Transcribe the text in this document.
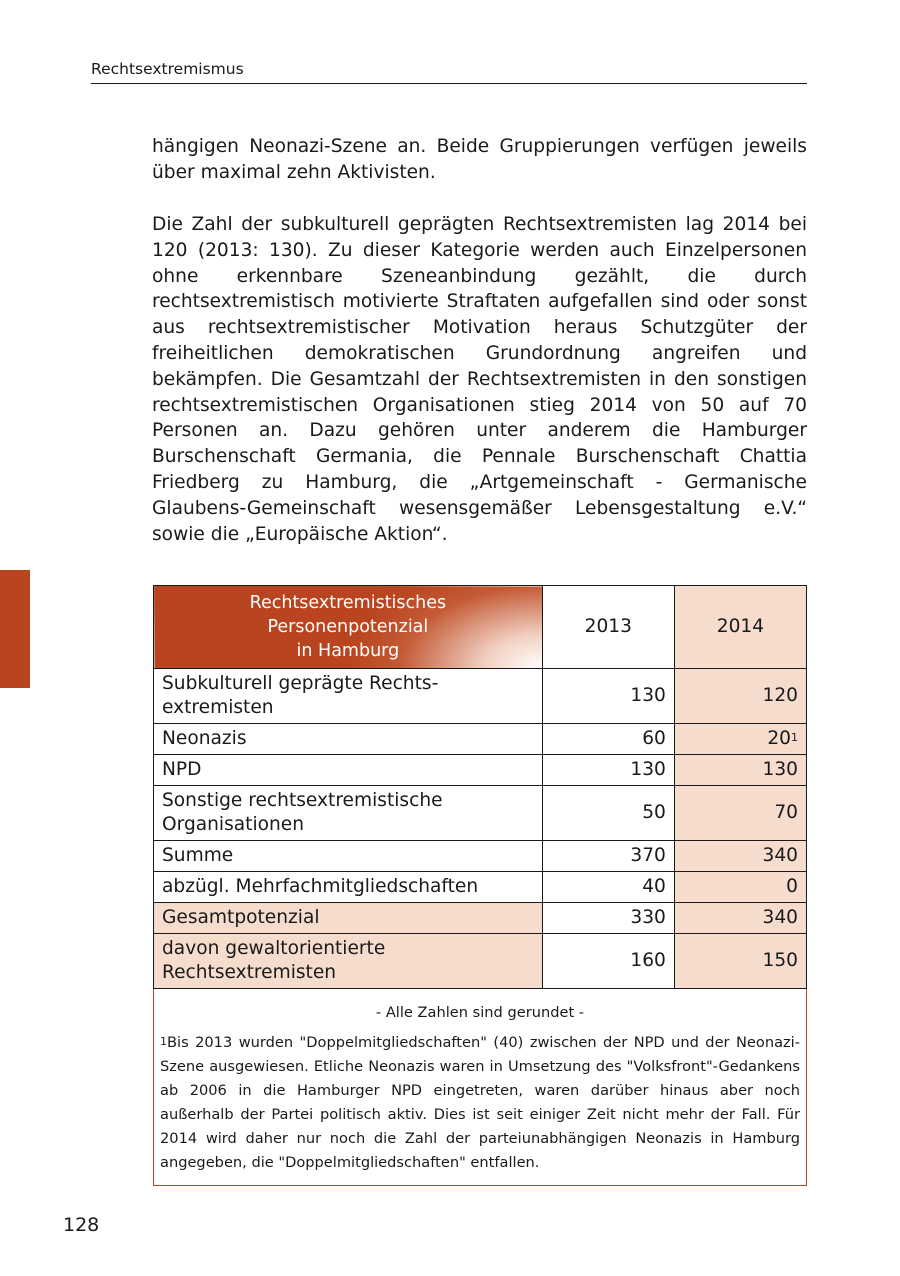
Rechtsextremismus

hängigen Neonazi-Szene an. Beide Gruppierungen verfügen jeweils über maximal zehn Aktivisten.

Die Zahl der subkulturell geprägten Rechtsextremisten lag 2014 bei 120 (2013: 130). Zu dieser Kategorie werden auch Einzelpersonen ohne erkennbare Szeneanbindung gezählt, die durch rechtsextremistisch motivierte Straftaten aufgefallen sind oder sonst aus rechtsextremistischer Motivation heraus Schutzgüter der freiheitlichen demokratischen Grundordnung angreifen und bekämpfen. Die Gesamtzahl der Rechtsextremisten in den sonstigen rechtsextremistischen Organisationen stieg 2014 von 50 auf 70 Personen an. Dazu gehören unter anderem die Hamburger Burschenschaft Germania, die Pennale Burschenschaft Chattia Friedberg zu Hamburg, die „Artgemeinschaft - Germanische Glaubens-Gemeinschaft wesensgemäßer Lebensgestaltung e.V.“ sowie die „Europäische Aktion“.

Rechtsextremistisches
Personenpotenzial
in Hamburg	2013	2014

Subkulturell geprägte Rechts-
extremisten	130	120
Neonazis	60	$20^1$
NPD	130	130

Sonstige rechtsextremistische
Organisationen	50	70
Summe	370	340
abzügl. Mehrfachmitgliedschaften	40	0
Gesamtpotenzial	330	340

davon gewaltorientierte
Rechtsextremisten	160	150

- Alle Zahlen sind gerundet -
$^1$Bis 2013 wurden "Doppelmitgliedschaften" (40) zwischen der NPD und der Neonazi-Szene ausgewiesen. Etliche Neonazis waren in Umsetzung des "Volksfront"-Gedankens ab 2006 in die Hamburger NPD eingetreten, waren darüber hinaus aber noch außerhalb der Partei politisch aktiv. Dies ist seit einiger Zeit nicht mehr der Fall. Für 2014 wird daher nur noch die Zahl der parteiunabhängigen Neonazis in Hamburg angegeben, die "Doppelmitgliedschaften" entfallen.		
128
